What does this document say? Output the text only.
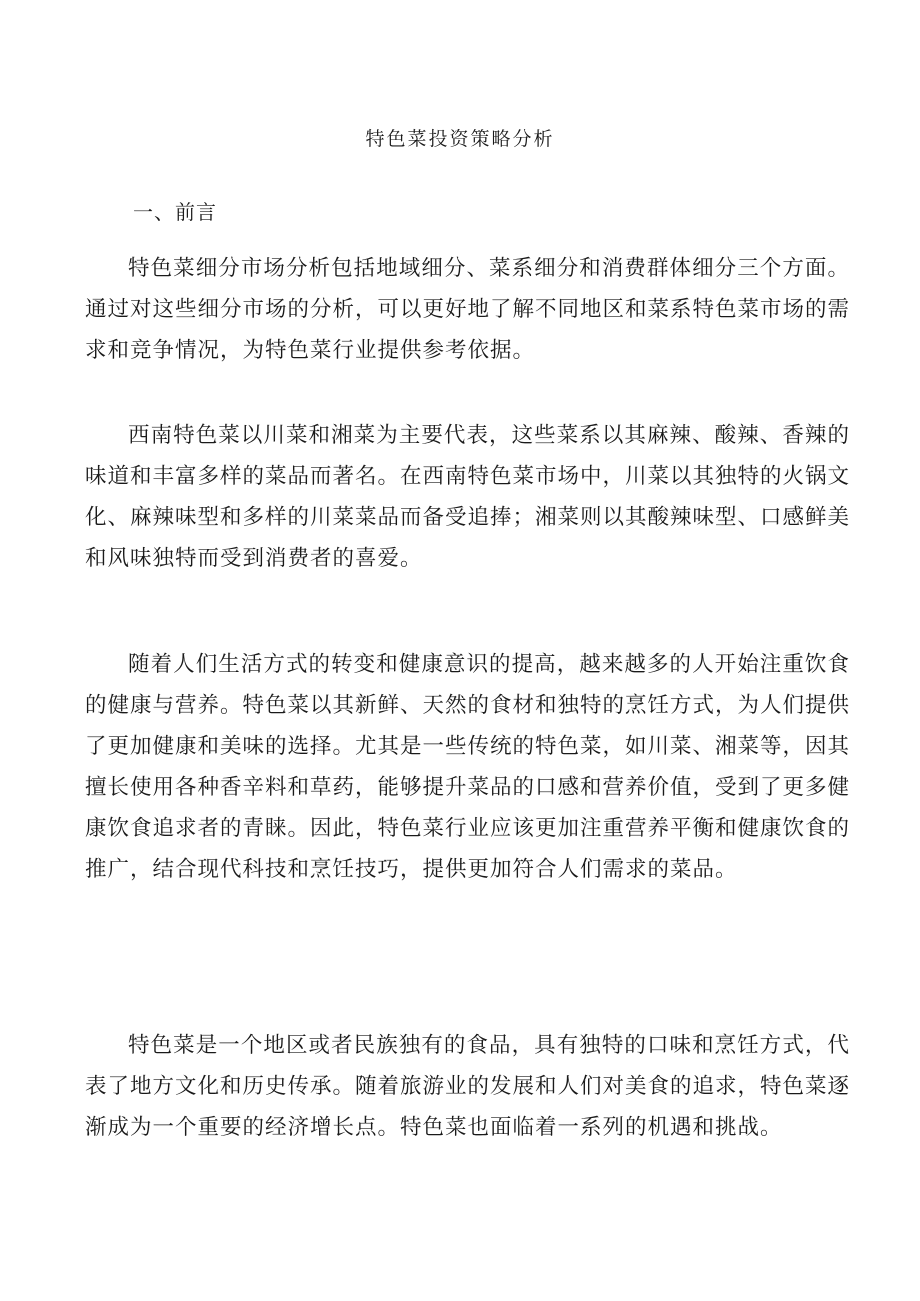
特色菜投资策略分析
一、前言

特色菜细分市场分析包括地域细分、菜系细分和消费群体细分三个方面。通过对这些细分市场的分析，可以更好地了解不同地区和菜系特色菜市场的需求和竞争情况，为特色菜行业提供参考依据。

西南特色菜以川菜和湘菜为主要代表，这些菜系以其麻辣、酸辣、香辣的味道和丰富多样的菜品而著名。在西南特色菜市场中，川菜以其独特的火锅文化、麻辣味型和多样的川菜菜品而备受追捧；湘菜则以其酸辣味型、口感鲜美和风味独特而受到消费者的喜爱。

随着人们生活方式的转变和健康意识的提高，越来越多的人开始注重饮食的健康与营养。特色菜以其新鲜、天然的食材和独特的烹饪方式，为人们提供了更加健康和美味的选择。尤其是一些传统的特色菜，如川菜、湘菜等，因其擅长使用各种香辛料和草药，能够提升菜品的口感和营养价值，受到了更多健康饮食追求者的青睐。因此，特色菜行业应该更加注重营养平衡和健康饮食的推广，结合现代科技和烹饪技巧，提供更加符合人们需求的菜品。

特色菜是一个地区或者民族独有的食品，具有独特的口味和烹饪方式，代表了地方文化和历史传承。随着旅游业的发展和人们对美食的追求，特色菜逐渐成为一个重要的经济增长点。特色菜也面临着一系列的机遇和挑战。
